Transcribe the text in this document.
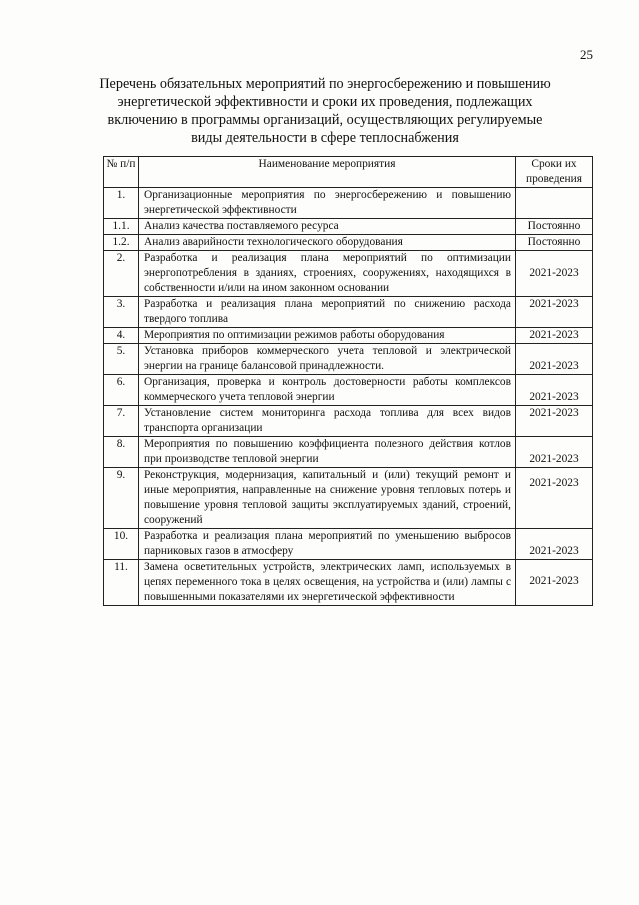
25
Перечень обязательных мероприятий по энергосбережению и повышению
энергетической эффективности и сроки их проведения, подлежащих
включению в программы организаций, осуществляющих регулируемые
виды деятельности в сфере теплоснабжения
№ п/п	Наименование мероприятия	Сроки их проведения
1.	Организационные мероприятия по энергосбережению и повышению энергетической эффективности	
1.1.	Анализ качества поставляемого ресурса	Постоянно
1.2.	Анализ аварийности технологического оборудования	Постоянно
2.	Разработка и реализация плана мероприятий по оптимизации энергопотребления в зданиях, строениях, сооружениях, находящихся в собственности и/или на ином законном основании	2021-2023
3.	Разработка и реализация плана мероприятий по снижению расхода твердого топлива	2021-2023
4.	Мероприятия по оптимизации режимов работы оборудования	2021-2023
5.	Установка приборов коммерческого учета тепловой и электрической энергии на границе балансовой принадлежности.	2021-2023
6.	Организация, проверка и контроль достоверности работы комплексов коммерческого учета тепловой энергии	2021-2023
7.	Установление систем мониторинга расхода топлива для всех видов транспорта организации	2021-2023
8.	Мероприятия по повышению коэффициента полезного действия котлов при производстве тепловой энергии	2021-2023
9.	Реконструкция, модернизация, капитальный и (или) текущий ремонт и иные мероприятия, направленные на снижение уровня тепловых потерь и повышение уровня тепловой защиты эксплуатируемых зданий, строений, сооружений	2021-2023
10.	Разработка и реализация плана мероприятий по уменьшению выбросов парниковых газов в атмосферу	2021-2023
11.	Замена осветительных устройств, электрических ламп, используемых в цепях переменного тока в целях освещения, на устройства и (или) лампы с повышенными показателями их энергетической эффективности	2021-2023
